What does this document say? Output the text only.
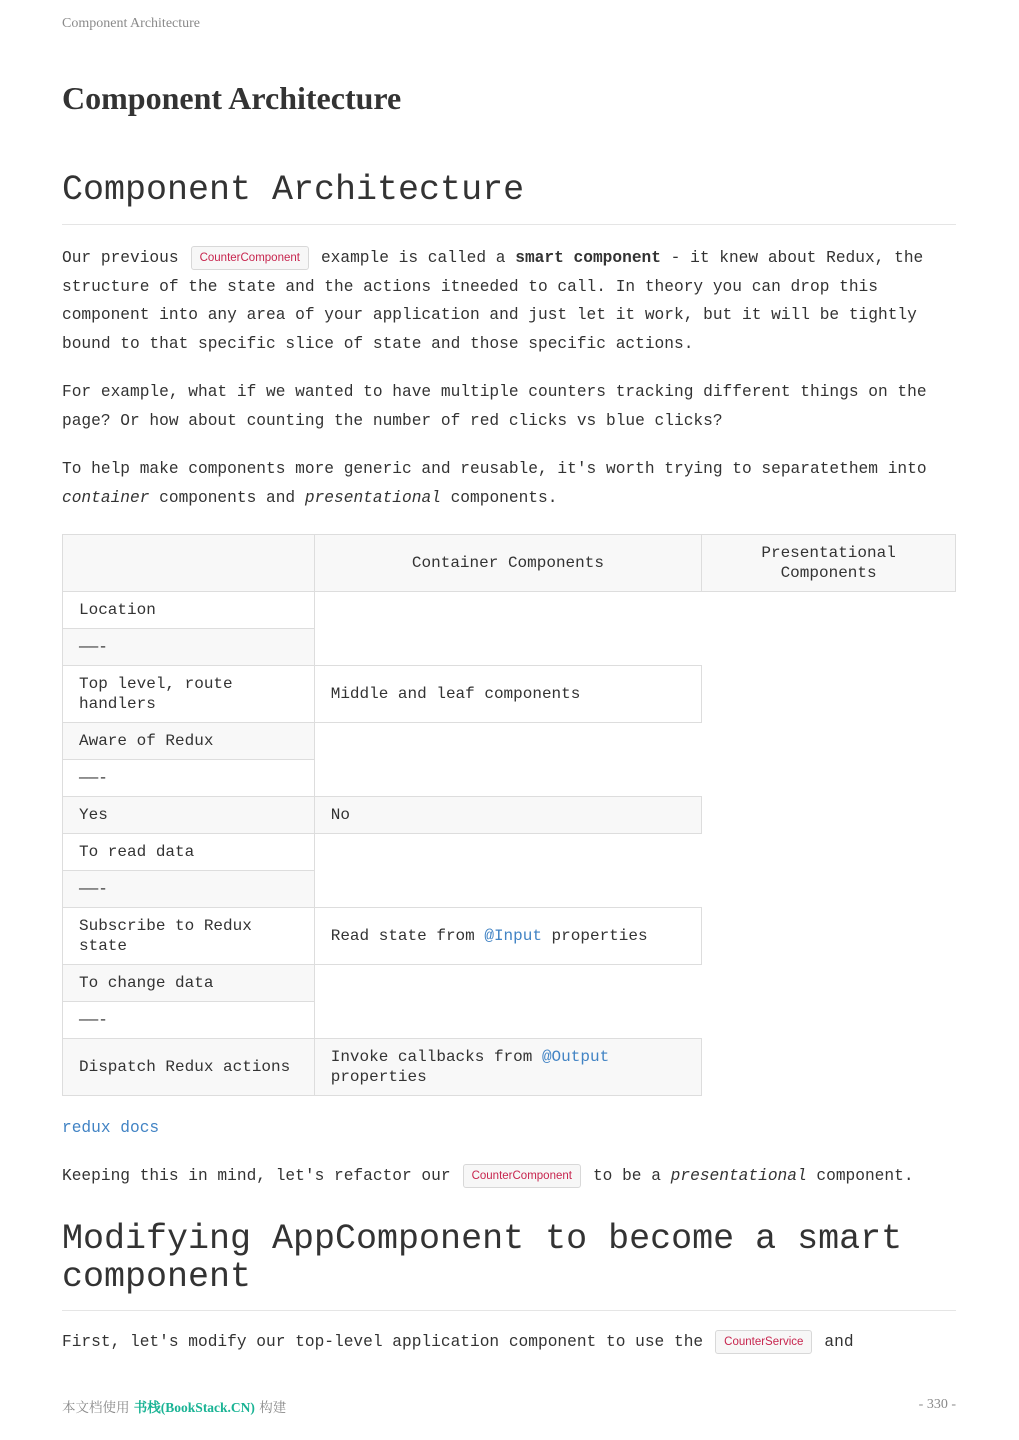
Component Architecture
Component Architecture
Component Architecture

Our previous CounterComponent example is called a smart component - it knew about Redux, the structure of the state and the actions itneeded to call. In theory you can drop this component into any area of your application and just let it work, but it will be tightly bound to that specific slice of state and those specific actions.

For example, what if we wanted to have multiple counters tracking different things on the page? Or how about counting the number of red clicks vs blue clicks?

To help make components more generic and reusable, it's worth trying to separatethem into container components and presentational components.

	Container Components	Presentational Components
Location		
——-		
Top level, route handlers	Middle and leaf components	
Aware of Redux		
——-		
Yes	No	
To read data		
——-		
Subscribe to Redux state	Read state from @Input properties	
To change data		
——-		
Dispatch Redux actions	Invoke callbacks from @Output properties	

redux docs

Keeping this in mind, let's refactor our CounterComponent to be a presentational component.

Modifying AppComponent to become a smart component

First, let's modify our top-level application component to use the CounterService and

本文档使用 书栈(BookStack.CN) 构建	- 330 -
